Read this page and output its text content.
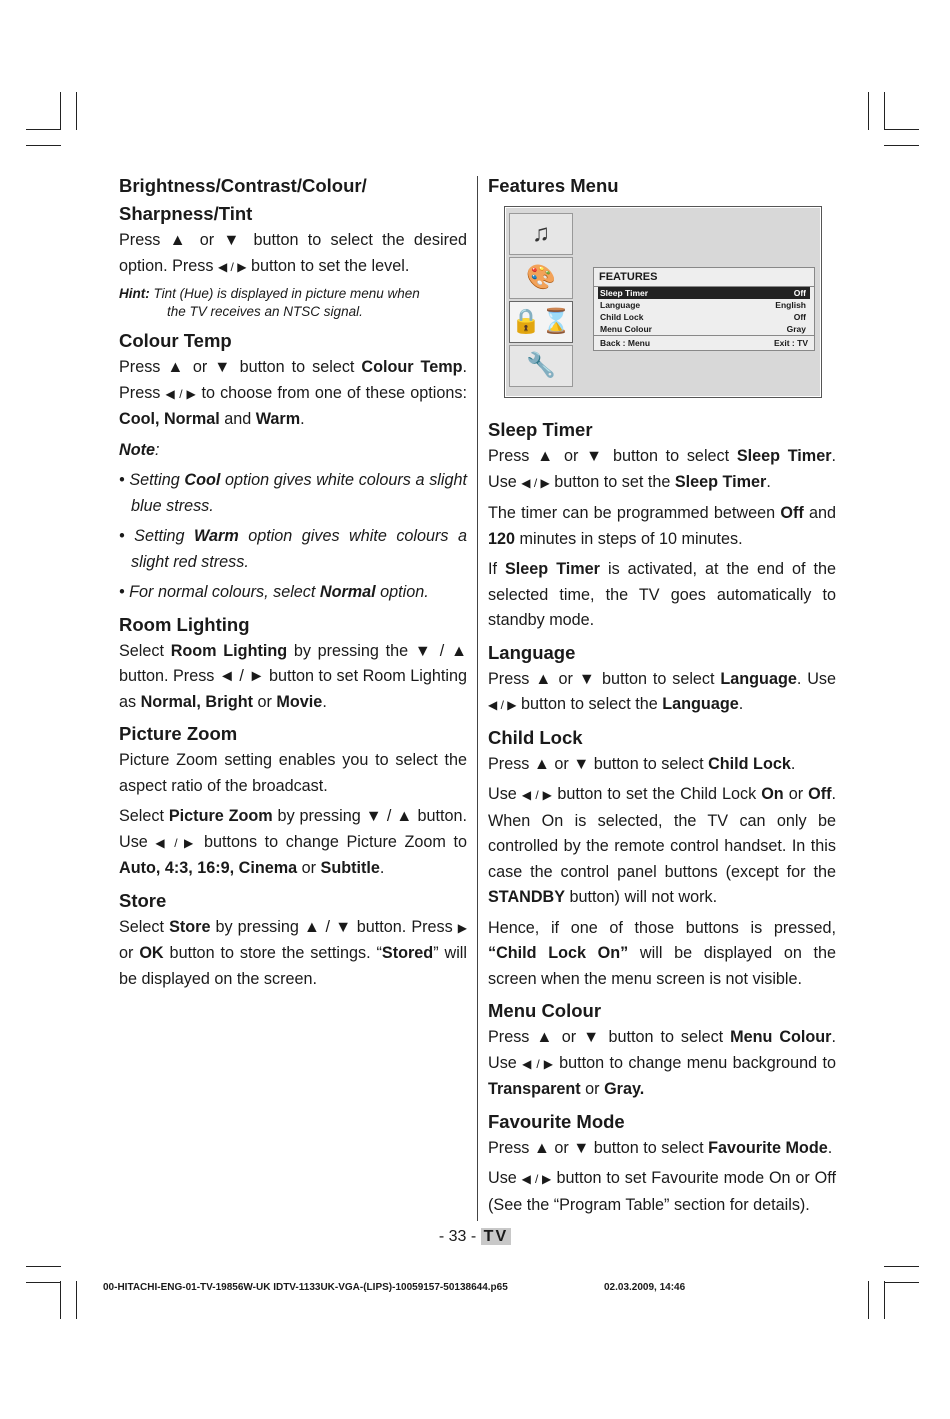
Brightness/Contrast/Colour/
Sharpness/Tint

Press ▲ or ▼ button to select the desired option. Press ◀ / ▶ button to set the level.

Hint: Tint (Hue) is displayed in picture menu when
the TV receives an NTSC signal.
Colour Temp

Press ▲ or ▼ button to select Colour Temp. Press ◀ / ▶ to choose from one of these options: Cool, Normal and Warm.

Note:

• Setting Cool option gives white colours a slight blue stress.

• Setting Warm option gives white colours a slight red stress.

• For normal colours, select Normal option.

Room Lighting

Select Room Lighting by pressing the ▼ / ▲ button. Press ◄ / ► button to set Room Lighting as Normal, Bright or Movie.

Picture Zoom

Picture Zoom setting enables you to select the aspect ratio of the broadcast.

Select Picture Zoom by pressing ▼ / ▲ button. Use ◀ / ▶ buttons to change Picture Zoom to Auto, 4:3, 16:9, Cinema or Subtitle.

Store

Select Store by pressing ▲ / ▼ button. Press ▶ or OK button to store the settings. “Stored” will be displayed on the screen.

Features Menu
♫
🎨
🔒⌛
🔧
FEATURES
Sleep Timer	Off
Language	English
Child Lock	Off
Menu Colour	Gray
Back : Menu	Exit : TV
Sleep Timer

Press ▲ or ▼ button to select Sleep Timer. Use ◀ / ▶ button to set the Sleep Timer.

The timer can be programmed between Off and 120 minutes in steps of 10 minutes.

If Sleep Timer is activated, at the end of the selected time, the TV goes automatically to standby mode.

Language

Press ▲ or ▼ button to select Language. Use ◀ / ▶ button to select the Language.

Child Lock

Press ▲ or ▼ button to select Child Lock.

Use ◀ / ▶ button to set the Child Lock On or Off. When On is selected, the TV can only be controlled by the remote control handset. In this case the control panel buttons (except for the STANDBY button) will not work.

Hence, if one of those buttons is pressed, “Child Lock On” will be displayed on the screen when the menu screen is not visible.

Menu Colour

Press ▲ or ▼ button to select Menu Colour. Use ◀ / ▶ button to change menu background to Transparent or Gray.

Favourite Mode

Press ▲ or ▼ button to select Favourite Mode.

Use ◀ / ▶ button to set Favourite mode On or Off (See the “Program Table” section for details).

- 33 - TV
00-HITACHI-ENG-01-TV-19856W-UK IDTV-1133UK-VGA-(LIPS)-10059157-50138644.p65	02.03.2009, 14:46
